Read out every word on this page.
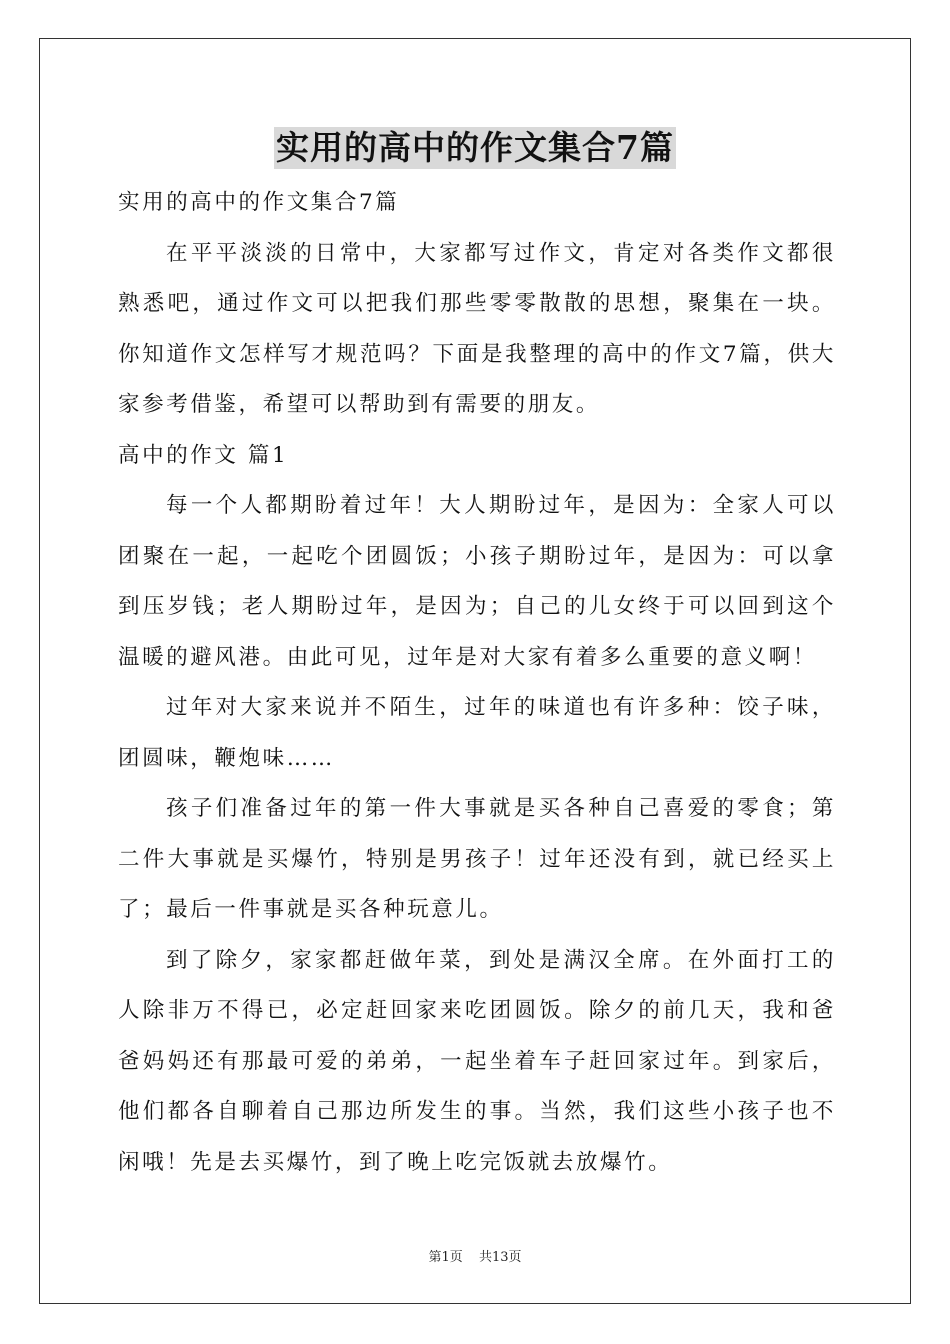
实用的高中的作文集合7篇

实用的高中的作文集合7篇

在平平淡淡的日常中，大家都写过作文，肯定对各类作文都很熟悉吧，通过作文可以把我们那些零零散散的思想，聚集在一块。你知道作文怎样写才规范吗？下面是我整理的高中的作文7篇，供大家参考借鉴，希望可以帮助到有需要的朋友。

高中的作文 篇1

每一个人都期盼着过年！大人期盼过年，是因为：全家人可以团聚在一起，一起吃个团圆饭；小孩子期盼过年，是因为：可以拿到压岁钱；老人期盼过年，是因为；自己的儿女终于可以回到这个温暖的避风港。由此可见，过年是对大家有着多么重要的意义啊！

过年对大家来说并不陌生，过年的味道也有许多种：饺子味，团圆味，鞭炮味……

孩子们准备过年的第一件大事就是买各种自己喜爱的零食；第二件大事就是买爆竹，特别是男孩子！过年还没有到，就已经买上了；最后一件事就是买各种玩意儿。

到了除夕，家家都赶做年菜，到处是满汉全席。在外面打工的人除非万不得已，必定赶回家来吃团圆饭。除夕的前几天，我和爸爸妈妈还有那最可爱的弟弟，一起坐着车子赶回家过年。到家后，他们都各自聊着自己那边所发生的事。当然，我们这些小孩子也不闲哦！先是去买爆竹，到了晚上吃完饭就去放爆竹。

第1页 共13页
